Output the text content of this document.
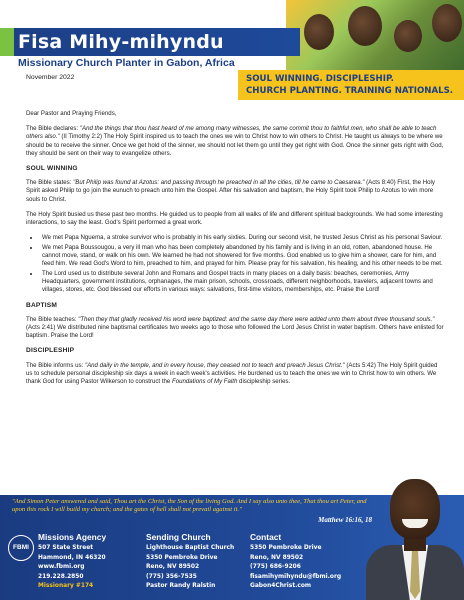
Fisa Mihy-mihyndu
Missionary Church Planter in Gabon, Africa
November 2022	SOUL WINNING. DISCIPLESHIP.
CHURCH PLANTING. TRAINING NATIONALS.

Dear Pastor and Praying Friends,

The Bible declares: "And the things that thou hast heard of me among many witnesses, the same commit thou to faithful men, who shall be able to teach others also." (II Timothy 2:2) The Holy Spirit inspired us to teach the ones we win to Christ how to win others to Christ. He taught us always to be where we should be to receive the sinner. Once we get hold of the sinner, we should not let them go until they get right with God. Once the sinner gets right with God, they should be sent on their way to evangelize others.

SOUL WINNING

The Bible states: "But Philip was found at Azotus: and passing through he preached in all the cities, till he came to Caesarea." (Acts 8:40) First, the Holy Spirit asked Philip to go join the eunuch to preach unto him the Gospel. After his salvation and baptism, the Holy Spirit took Philip to Azotus to win more souls to Christ.

The Holy Spirit busied us these past two months. He guided us to people from all walks of life and different spiritual backgrounds. We had some interesting interactions, to say the least. God's Spirit performed a great work.

• We met Papa Nguema, a stroke survivor who is probably in his early sixties. During our second visit, he trusted Jesus Christ as his personal Saviour.
• We met Papa Boussougou, a very ill man who has been completely abandoned by his family and is living in an old, rotten, abandoned house. He cannot move, stand, or walk on his own. We learned he had not showered for five months. God enabled us to give him a shower, care for him, and feed him. We read God's Word to him, preached to him, and prayed for him. Please pray for his salvation, his healing, and his other needs to be met.
• The Lord used us to distribute several John and Romans and Gospel tracts in many places on a daily basis: beaches, ceremonies, Army Headquarters, government institutions, orphanages, the main prison, schools, crossroads, different neighborhoods, travelers, adjacent towns and villages, stores, etc. God blessed our efforts in various ways: salvations, first-time visitors, memberships, etc. Praise the Lord!
BAPTISM

The Bible teaches: "Then they that gladly received his word were baptized: and the same day there were added unto them about three thousand souls." (Acts 2:41) We distributed nine baptismal certificates two weeks ago to those who followed the Lord Jesus Christ in water baptism. Others have enlisted for baptism. Praise the Lord!

DISCIPLESHIP

The Bible informs us: "And daily in the temple, and in every house, they ceased not to teach and preach Jesus Christ." (Acts 5:42) The Holy Spirit guided us to schedule personal discipleship six days a week in each week's activities. He burdened us to teach the ones we win to Christ how to win others. We thank God for using Pastor Wilkerson to construct the Foundations of My Faith discipleship series.

"And Simon Peter answered and said, Thou art the Christ, the Son of the living God. And I say also unto thee, That thou art Peter, and upon this rock I will build my church; and the gates of hell shall not prevail against it."
Matthew 16:16, 18
FBMI
Missions Agency
507 State Street
Hammond, IN 46320
www.fbmi.org
219.228.2850
Missionary #174
Sending Church
Lighthouse Baptist Church
5350 Pembroke Drive
Reno, NV 89502
(775) 356-7535
Pastor Randy Ralstin
Contact
5350 Pembroke Drive
Reno, NV 89502
(775) 686-9206
fisamihymihyndu@fbmi.org
Gabon4Christ.com
